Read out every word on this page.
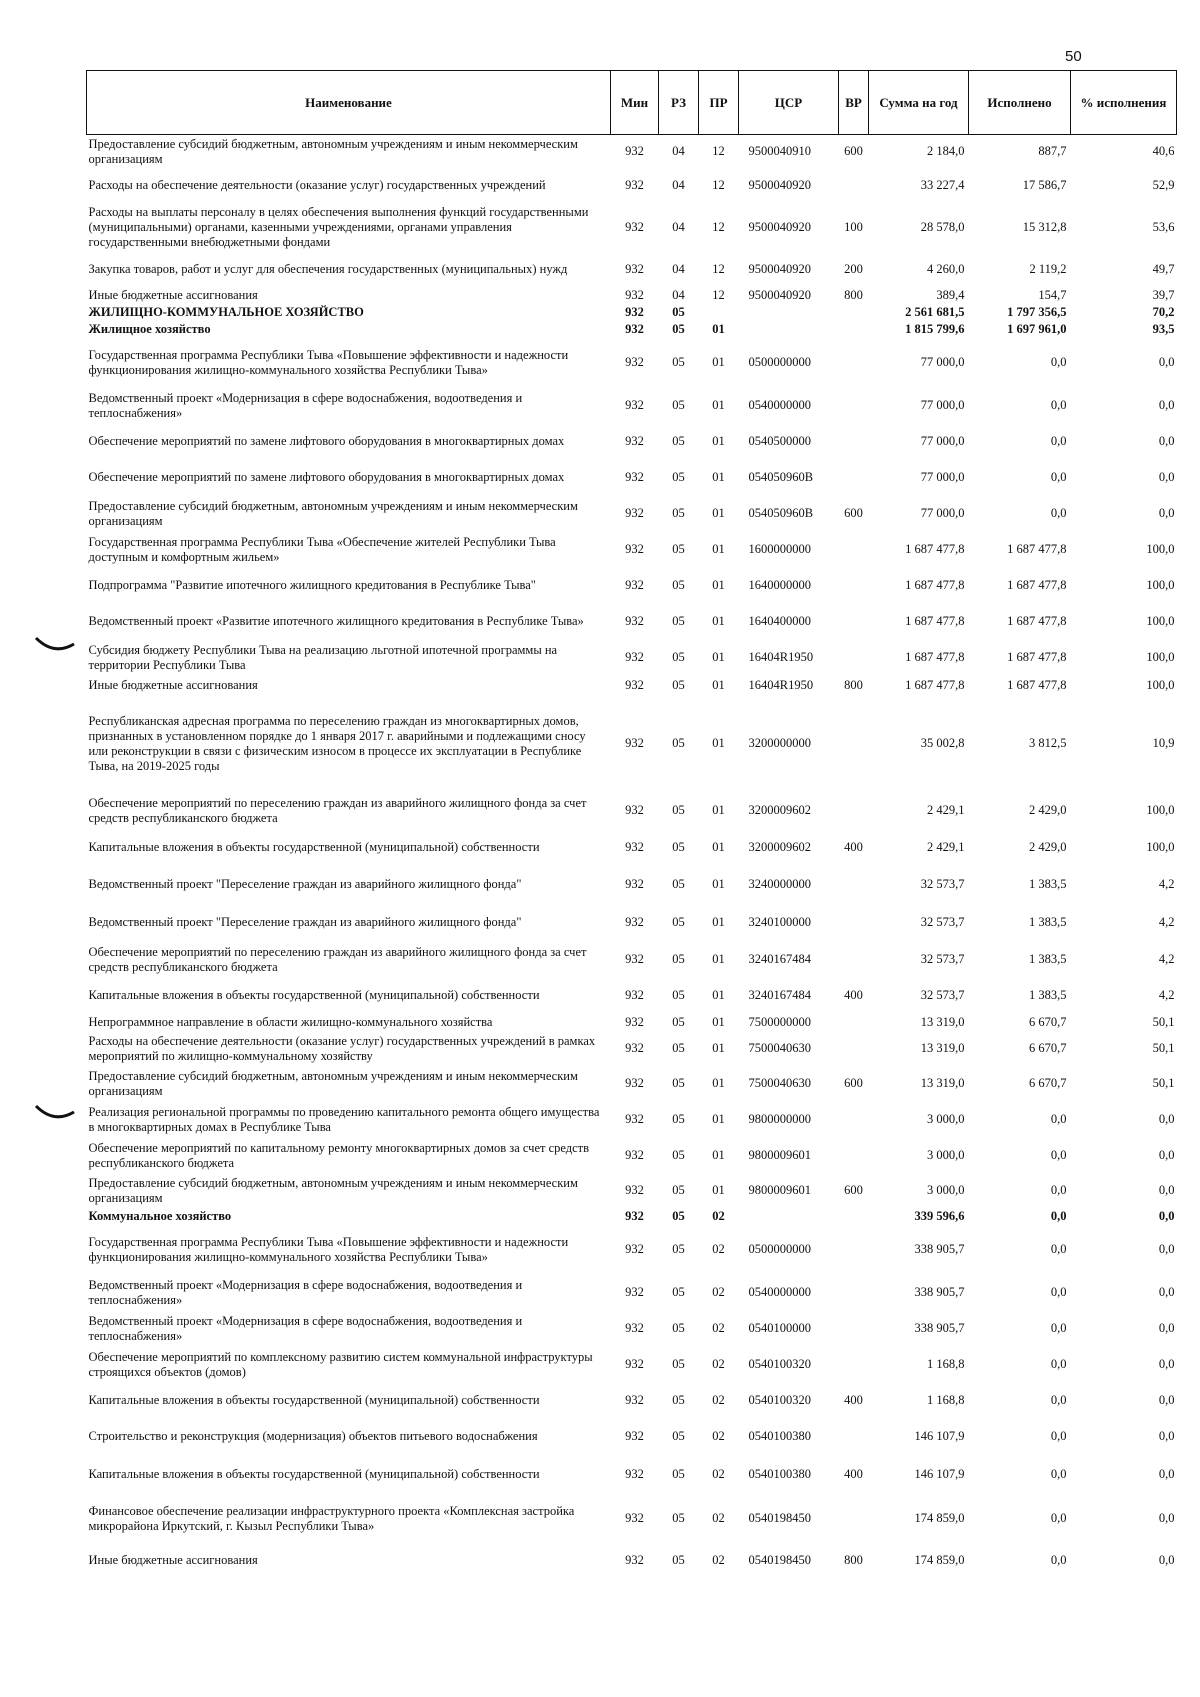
50
Наименование	Мин	РЗ	ПР	ЦСР	ВР	Сумма на год	Исполнено	% исполнения
Предоставление субсидий бюджетным, автономным учреждениям и иным некоммерческим организациям	932	04	12	9500040910	600	2 184,0	887,7	40,6
Расходы на обеспечение деятельности (оказание услуг) государственных учреждений	932	04	12	9500040920		33 227,4	17 586,7	52,9
Расходы на выплаты персоналу в целях обеспечения выполнения функций государственными (муниципальными) органами, казенными учреждениями, органами управления государственными внебюджетными фондами	932	04	12	9500040920	100	28 578,0	15 312,8	53,6
Закупка товаров, работ и услуг для обеспечения государственных (муниципальных) нужд	932	04	12	9500040920	200	4 260,0	2 119,2	49,7
Иные бюджетные ассигнования	932	04	12	9500040920	800	389,4	154,7	39,7
ЖИЛИЩНО-КОММУНАЛЬНОЕ ХОЗЯЙСТВО	932	05				2 561 681,5	1 797 356,5	70,2
Жилищное хозяйство	932	05	01			1 815 799,6	1 697 961,0	93,5
Государственная программа Республики Тыва «Повышение эффективности и надежности функционирования жилищно-коммунального хозяйства Республики Тыва»	932	05	01	0500000000		77 000,0	0,0	0,0
Ведомственный проект «Модернизация в сфере водоснабжения, водоотведения и теплоснабжения»	932	05	01	0540000000		77 000,0	0,0	0,0
Обеспечение мероприятий по замене лифтового оборудования в многоквартирных домах	932	05	01	0540500000		77 000,0	0,0	0,0
Обеспечение мероприятий по замене лифтового оборудования в многоквартирных домах	932	05	01	054050960В		77 000,0	0,0	0,0
Предоставление субсидий бюджетным, автономным учреждениям и иным некоммерческим организациям	932	05	01	054050960В	600	77 000,0	0,0	0,0
Государственная программа Республики Тыва «Обеспечение жителей Республики Тыва доступным и комфортным жильем»	932	05	01	1600000000		1 687 477,8	1 687 477,8	100,0
Подпрограмма "Развитие ипотечного жилищного кредитования в Республике Тыва"	932	05	01	1640000000		1 687 477,8	1 687 477,8	100,0
Ведомственный проект «Развитие ипотечного жилищного кредитования в Республике Тыва»	932	05	01	1640400000		1 687 477,8	1 687 477,8	100,0
Субсидия бюджету Республики Тыва на реализацию льготной ипотечной программы на территории Республики Тыва	932	05	01	16404R1950		1 687 477,8	1 687 477,8	100,0
Иные бюджетные ассигнования	932	05	01	16404R1950	800	1 687 477,8	1 687 477,8	100,0
Республиканская адресная программа по переселению граждан из многоквартирных домов, признанных в установленном порядке до 1 января 2017 г. аварийными и подлежащими сносу или реконструкции в связи с физическим износом в процессе их эксплуатации в Республике Тыва, на 2019-2025 годы	932	05	01	3200000000		35 002,8	3 812,5	10,9
Обеспечение мероприятий по переселению граждан из аварийного жилищного фонда за счет средств республиканского бюджета	932	05	01	3200009602		2 429,1	2 429,0	100,0
Капитальные вложения в объекты государственной (муниципальной) собственности	932	05	01	3200009602	400	2 429,1	2 429,0	100,0
Ведомственный проект "Переселение граждан из аварийного жилищного фонда"	932	05	01	3240000000		32 573,7	1 383,5	4,2
Ведомственный проект "Переселение граждан из аварийного жилищного фонда"	932	05	01	3240100000		32 573,7	1 383,5	4,2
Обеспечение мероприятий по переселению граждан из аварийного жилищного фонда за счет средств республиканского бюджета	932	05	01	3240167484		32 573,7	1 383,5	4,2
Капитальные вложения в объекты государственной (муниципальной) собственности	932	05	01	3240167484	400	32 573,7	1 383,5	4,2
Непрограммное направление в области жилищно-коммунального хозяйства	932	05	01	7500000000		13 319,0	6 670,7	50,1
Расходы на обеспечение деятельности (оказание услуг) государственных учреждений в рамках мероприятий по жилищно-коммунальному хозяйству	932	05	01	7500040630		13 319,0	6 670,7	50,1
Предоставление субсидий бюджетным, автономным учреждениям и иным некоммерческим организациям	932	05	01	7500040630	600	13 319,0	6 670,7	50,1
Реализация региональной программы по проведению капитального ремонта общего имущества в многоквартирных домах в Республике Тыва	932	05	01	9800000000		3 000,0	0,0	0,0
Обеспечение мероприятий по капитальному ремонту многоквартирных домов за счет средств республиканского бюджета	932	05	01	9800009601		3 000,0	0,0	0,0
Предоставление субсидий бюджетным, автономным учреждениям и иным некоммерческим организациям	932	05	01	9800009601	600	3 000,0	0,0	0,0
Коммунальное хозяйство	932	05	02			339 596,6	0,0	0,0
Государственная программа Республики Тыва «Повышение эффективности и надежности функционирования жилищно-коммунального хозяйства Республики Тыва»	932	05	02	0500000000		338 905,7	0,0	0,0
Ведомственный проект «Модернизация в сфере водоснабжения, водоотведения и теплоснабжения»	932	05	02	0540000000		338 905,7	0,0	0,0
Ведомственный проект «Модернизация в сфере водоснабжения, водоотведения и теплоснабжения»	932	05	02	0540100000		338 905,7	0,0	0,0
Обеспечение мероприятий по комплексному развитию систем коммунальной инфраструктуры строящихся объектов (домов)	932	05	02	0540100320		1 168,8	0,0	0,0
Капитальные вложения в объекты государственной (муниципальной) собственности	932	05	02	0540100320	400	1 168,8	0,0	0,0
Строительство и реконструкция (модернизация) объектов питьевого водоснабжения	932	05	02	0540100380		146 107,9	0,0	0,0
Капитальные вложения в объекты государственной (муниципальной) собственности	932	05	02	0540100380	400	146 107,9	0,0	0,0
Финансовое обеспечение реализации инфраструктурного проекта «Комплексная застройка микрорайона Иркутский, г. Кызыл Республики Тыва»	932	05	02	0540198450		174 859,0	0,0	0,0
Иные бюджетные ассигнования	932	05	02	0540198450	800	174 859,0	0,0	0,0
